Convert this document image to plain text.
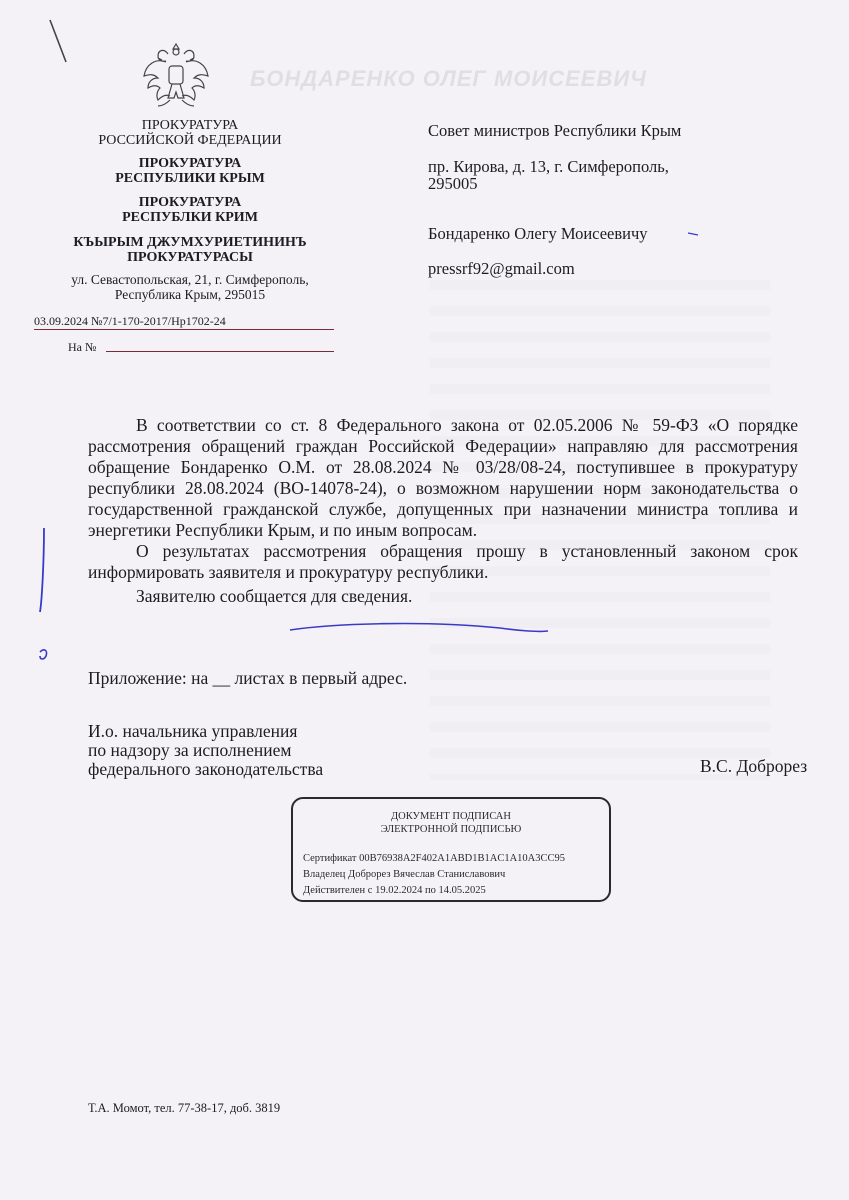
БОНДАРЕНКО ОЛЕГ МОИСЕЕВИЧ
ПРОКУРАТУРА
РОССИЙСКОЙ ФЕДЕРАЦИИ
ПРОКУРАТУРА
РЕСПУБЛИКИ КРЫМ
ПРОКУРАТУРА
РЕСПУБЛКИ КРИМ
КЪЫРЫМ ДЖУМХУРИЕТИНИНЪ
ПРОКУРАТУРАСЫ
ул. Севастопольская, 21, г. Симферополь,
Республика Крым, 295015
03.09.2024 №7/1-170-2017/Нр1702-24
На №
Совет министров Республики Крым
пр. Кирова, д. 13, г. Симферополь,
295005
Бондаренко Олегу Моисеевичу
pressrf92@gmail.com

В соответствии со ст. 8 Федерального закона от 02.05.2006 № 59-ФЗ «О порядке рассмотрения обращений граждан Российской Федерации» направляю для рассмотрения обращение Бондаренко О.М. от 28.08.2024 № 03/28/08-24, поступившее в прокуратуру республики 28.08.2024 (ВО-14078-24), о возможном нарушении норм законодательства о государственной гражданской службе, допущенных при назначении министра топлива и энергетики Республики Крым, и по иным вопросам.

О результатах рассмотрения обращения прошу в установленный законом срок информировать заявителя и прокуратуру республики.

Заявителю сообщается для сведения.

Приложение: на __ листах в первый адрес.
И.о. начальника управления
по надзору за исполнением
федерального законодательства	В.С. Доброрез
ДОКУМЕНТ ПОДПИСАН
ЭЛЕКТРОННОЙ ПОДПИСЬЮ
Сертификат 00B76938A2F402A1ABD1B1AC1A10A3CC95
Владелец Доброрез Вячеслав Станиславович
Действителен с 19.02.2024 по 14.05.2025
Т.А. Момот, тел. 77-38-17, доб. 3819
